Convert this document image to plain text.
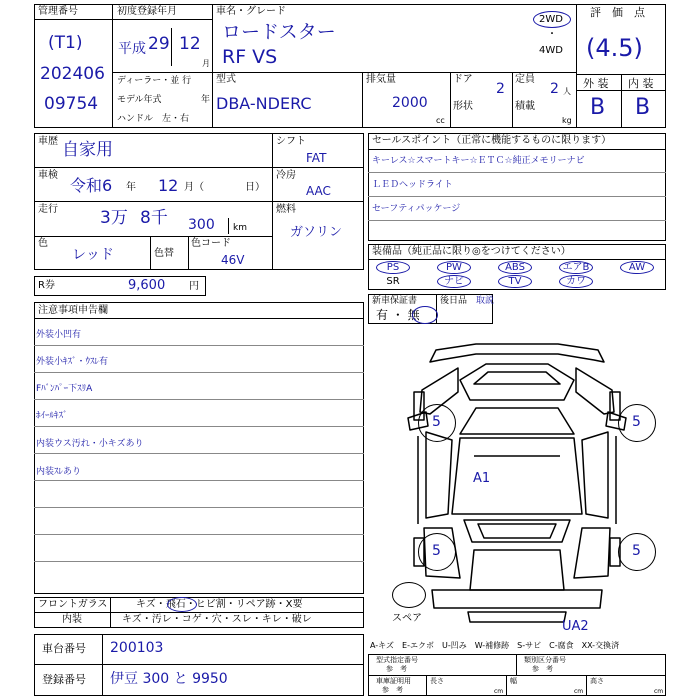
管理番号
(T1)
202406
09754
初度登録年月
平成 29 12
月
車名・グレード
ロードスター
RF VS
2WD
・
4WD
評　価　点
(4.5)
ディーラー・並 行
モデル年式	年
ハンドル　左・右
型式
DBA-NDERC
排気量
2000
cc
ドア
2
定員
2 人
形状	積載
kg
外 装 内 装
B B
車歴 自家用
車検
令和6 年 12 月（	日）
走行 3万 8千 300 km
色
レッド	色替
色コード
46V
シフト
FAT
冷房
AAC
燃料
ガソリン
セールスポイント（正常に機能するものに限ります）
キーレス☆スマートキー☆ＥＴＣ☆純正メモリーナビ
ＬＥＤヘッドライト
セーフティパッケージ
装備品（純正品に限り◎をつけてください）
PS	PW	ABS	エアB	AW
SR	ナビ	TV	カワ
R券	9,600 円
新車保証書
有 ・ 無
後日品 取説
注意事項申告欄
外装小凹有
外装小ｷｽﾞ・ｳｽﾚ有
Fﾊﾞﾝﾊﾟｰ下ｽﾘA
ﾎｲｰﾙｷｽﾞ
内装ウス汚れ・小キズあり
内装ｽﾚあり
5	5
5	5
A1
UA2
スペア
フロントガラス	キズ・飛石・ヒビ割・リペア跡・X要
内装	キズ・汚レ・コゲ・穴・スレ・キレ・破レ
車台番号 200103
登録番号 伊豆 300 と 9950
A-キズ　E-エクボ　U-凹み　W-補修跡　S-サビ　C-腐食　XX-交換済
型式指定番号
参　考
類別区分番号
参　考
車庫証明用
参　考
長さ
cm
幅
cm
高さ
cm
